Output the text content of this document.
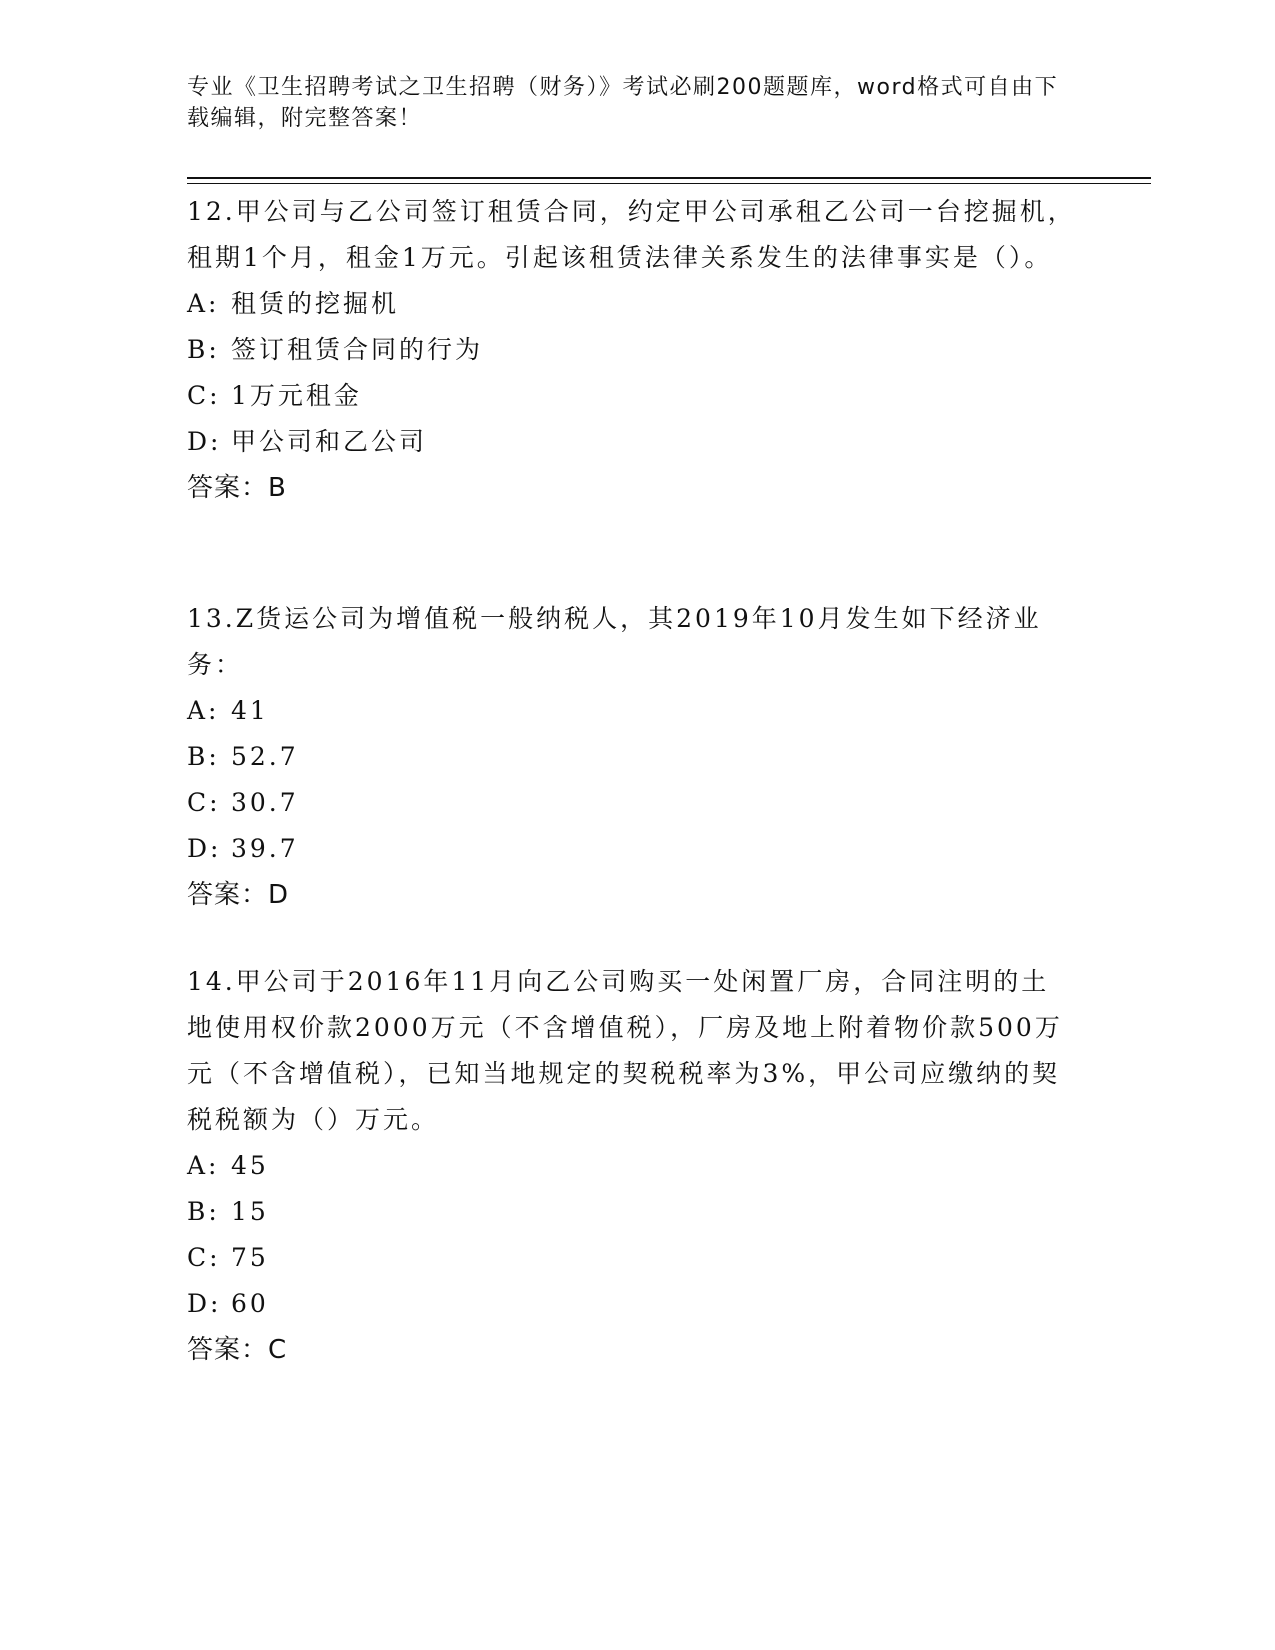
专业《卫生招聘考试之卫生招聘（财务）》考试必刷200题题库，word格式可自由下载编辑，附完整答案！

12.甲公司与乙公司签订租赁合同，约定甲公司承租乙公司一台挖掘机，租期1个月，租金1万元。引起该租赁法律关系发生的法律事实是（）。

A: 租赁的挖掘机

B: 签订租赁合同的行为

C: 1万元租金

D: 甲公司和乙公司

答案：B

13.Z货运公司为增值税一般纳税人，其2019年10月发生如下经济业务：

A: 41

B: 52.7

C: 30.7

D: 39.7

答案：D

14.甲公司于2016年11月向乙公司购买一处闲置厂房，合同注明的土地使用权价款2000万元（不含增值税），厂房及地上附着物价款500万元（不含增值税），已知当地规定的契税税率为3%，甲公司应缴纳的契税税额为（）万元。

A: 45

B: 15

C: 75

D: 60

答案：C
